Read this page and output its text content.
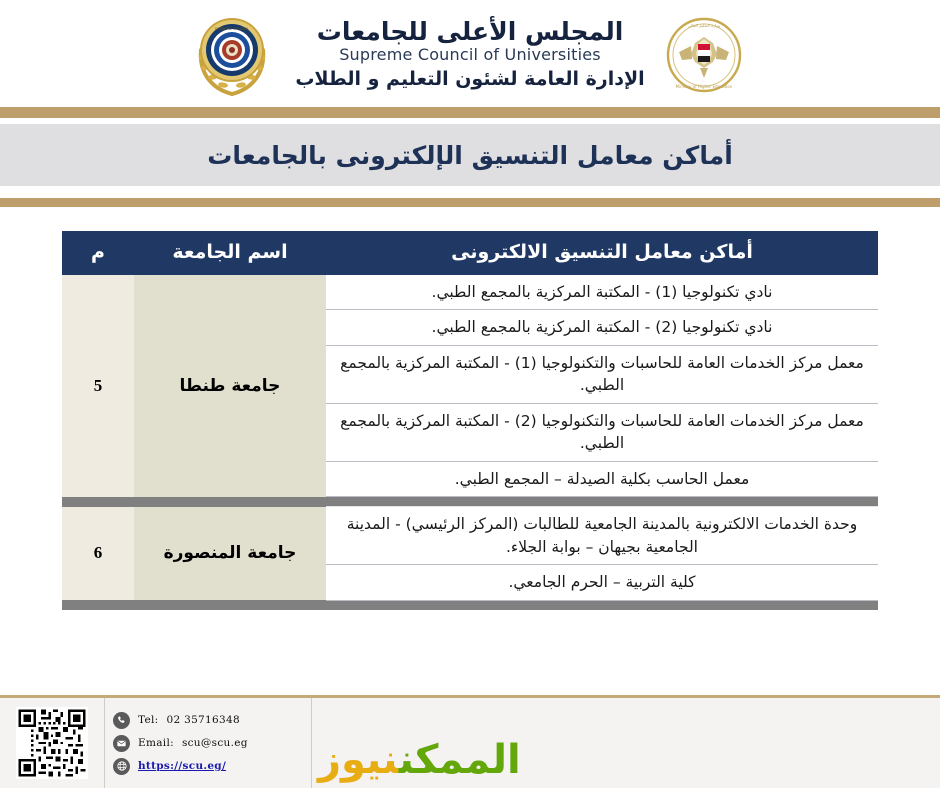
وزارة التعليم العالي
Ministry of Higher Education
المجلس الأعلى للجامعات
Supreme Council of Universities
الإدارة العامة لشئون التعليم و الطلاب
SUPREME COUNCIL
أماكن معامل التنسيق الإلكترونى بالجامعات
أماكن معامل التنسيق الالكترونى	اسم الجامعة	م
نادي تكنولوجيا (1) - المكتبة المركزية بالمجمع الطبي.	جامعة طنطا	5
نادي تكنولوجيا (2) - المكتبة المركزية بالمجمع الطبي.		
معمل مركز الخدمات العامة للحاسبات والتكنولوجيا (1) - المكتبة المركزية بالمجمع الطبي.		
معمل مركز الخدمات العامة للحاسبات والتكنولوجيا (2) - المكتبة المركزية بالمجمع الطبي.		
معمل الحاسب بكلية الصيدلة – المجمع الطبي.		

وحدة الخدمات الالكترونية بالمدينة الجامعية للطالبات (المركز الرئيسي) - المدينة الجامعية بجيهان – بوابة الجلاء.	جامعة المنصورة	6
كلية التربية – الحرم الجامعي.		

الممكننيوز
Tel: 02 35716348
Email: scu@scu.eg
https://scu.eg/
